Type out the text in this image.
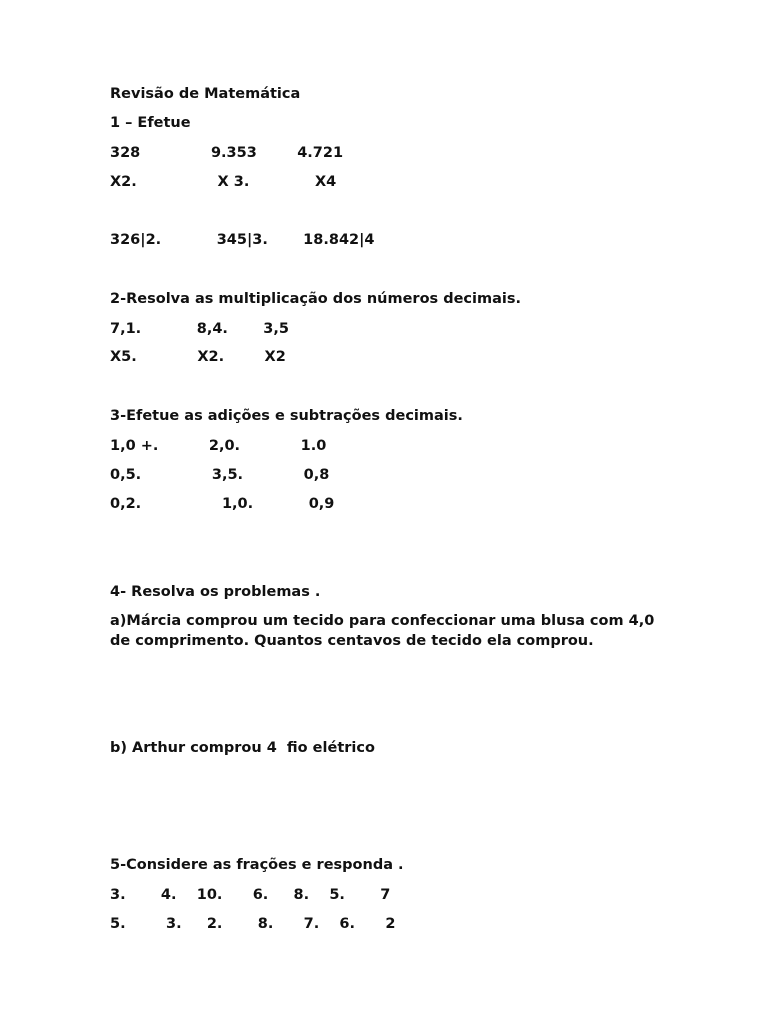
Revisão de Matemática

1 – Efetue

328              9.353        4.721

X2.                X 3.             X4

326|2.           345|3.       18.842|4

2-Resolva as multiplicação dos números decimais.

7,1.           8,4.       3,5

X5.            X2.        X2

3-Efetue as adições e subtrações decimais.

1,0 +.          2,0.            1.0

0,5.              3,5.            0,8

0,2.                1,0.           0,9

4- Resolva os problemas .

a)Márcia comprou um tecido para confeccionar uma blusa com 4,0 de comprimento. Quantos centavos de tecido ela comprou.

b) Arthur comprou 4  fio elétrico

5-Considere as frações e responda .

3.       4.    10.      6.     8.    5.       7

5.        3.     2.       8.      7.    6.      2
